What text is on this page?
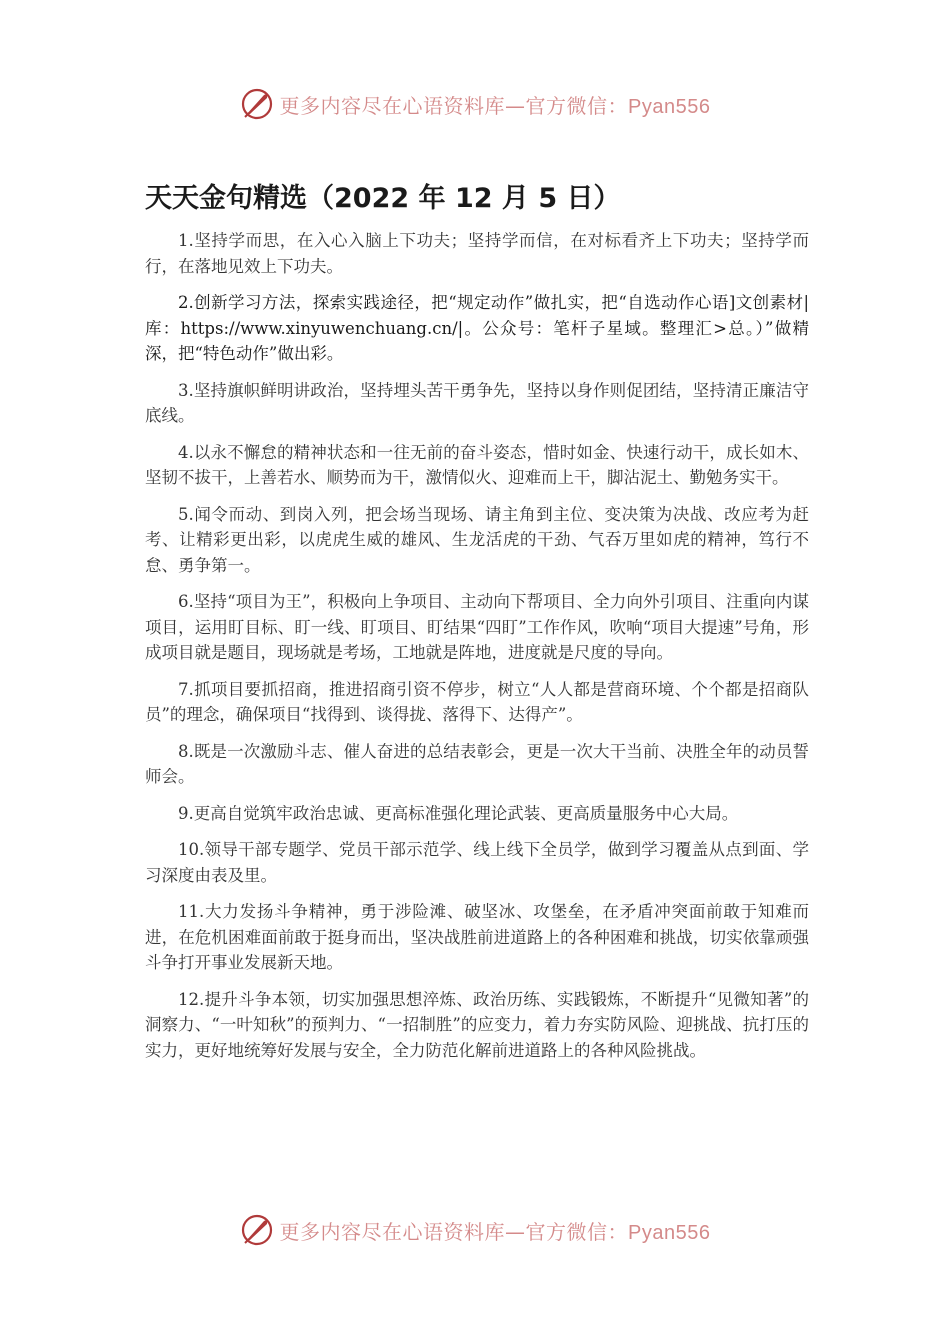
更多内容尽在心语资料库—官方微信：Pyan556
天天金句精选（2022 年 12 月 5 日）

1.坚持学而思，在入心入脑上下功夫；坚持学而信，在对标看齐上下功夫；坚持学而行，在落地见效上下功夫。

2.创新学习方法，探索实践途径，把“规定动作”做扎实，把“自选动作心语]文创素材|库：https://www.xinyuwenchuang.cn/|。公众号：笔杆子星域。整理汇>总。）”做精深，把“特色动作”做出彩。

3.坚持旗帜鲜明讲政治，坚持埋头苦干勇争先，坚持以身作则促团结，坚持清正廉洁守底线。

4.以永不懈怠的精神状态和一往无前的奋斗姿态，惜时如金、快速行动干，成长如木、坚韧不拔干，上善若水、顺势而为干，激情似火、迎难而上干，脚沾泥土、勤勉务实干。

5.闻令而动、到岗入列，把会场当现场、请主角到主位、变决策为决战、改应考为赶考、让精彩更出彩，以虎虎生威的雄风、生龙活虎的干劲、气吞万里如虎的精神，笃行不怠、勇争第一。

6.坚持“项目为王”，积极向上争项目、主动向下帮项目、全力向外引项目、注重向内谋项目，运用盯目标、盯一线、盯项目、盯结果“四盯”工作作风，吹响“项目大提速”号角，形成项目就是题目，现场就是考场，工地就是阵地，进度就是尺度的导向。

7.抓项目要抓招商，推进招商引资不停步，树立“人人都是营商环境、个个都是招商队员”的理念，确保项目“找得到、谈得拢、落得下、达得产”。

8.既是一次激励斗志、催人奋进的总结表彰会，更是一次大干当前、决胜全年的动员誓师会。

9.更高自觉筑牢政治忠诚、更高标准强化理论武装、更高质量服务中心大局。

10.领导干部专题学、党员干部示范学、线上线下全员学，做到学习覆盖从点到面、学习深度由表及里。

11.大力发扬斗争精神，勇于涉险滩、破坚冰、攻堡垒，在矛盾冲突面前敢于知难而进，在危机困难面前敢于挺身而出，坚决战胜前进道路上的各种困难和挑战，切实依靠顽强斗争打开事业发展新天地。

12.提升斗争本领，切实加强思想淬炼、政治历练、实践锻炼，不断提升“见微知著”的洞察力、“一叶知秋”的预判力、“一招制胜”的应变力，着力夯实防风险、迎挑战、抗打压的实力，更好地统筹好发展与安全，全力防范化解前进道路上的各种风险挑战。

更多内容尽在心语资料库—官方微信：Pyan556
